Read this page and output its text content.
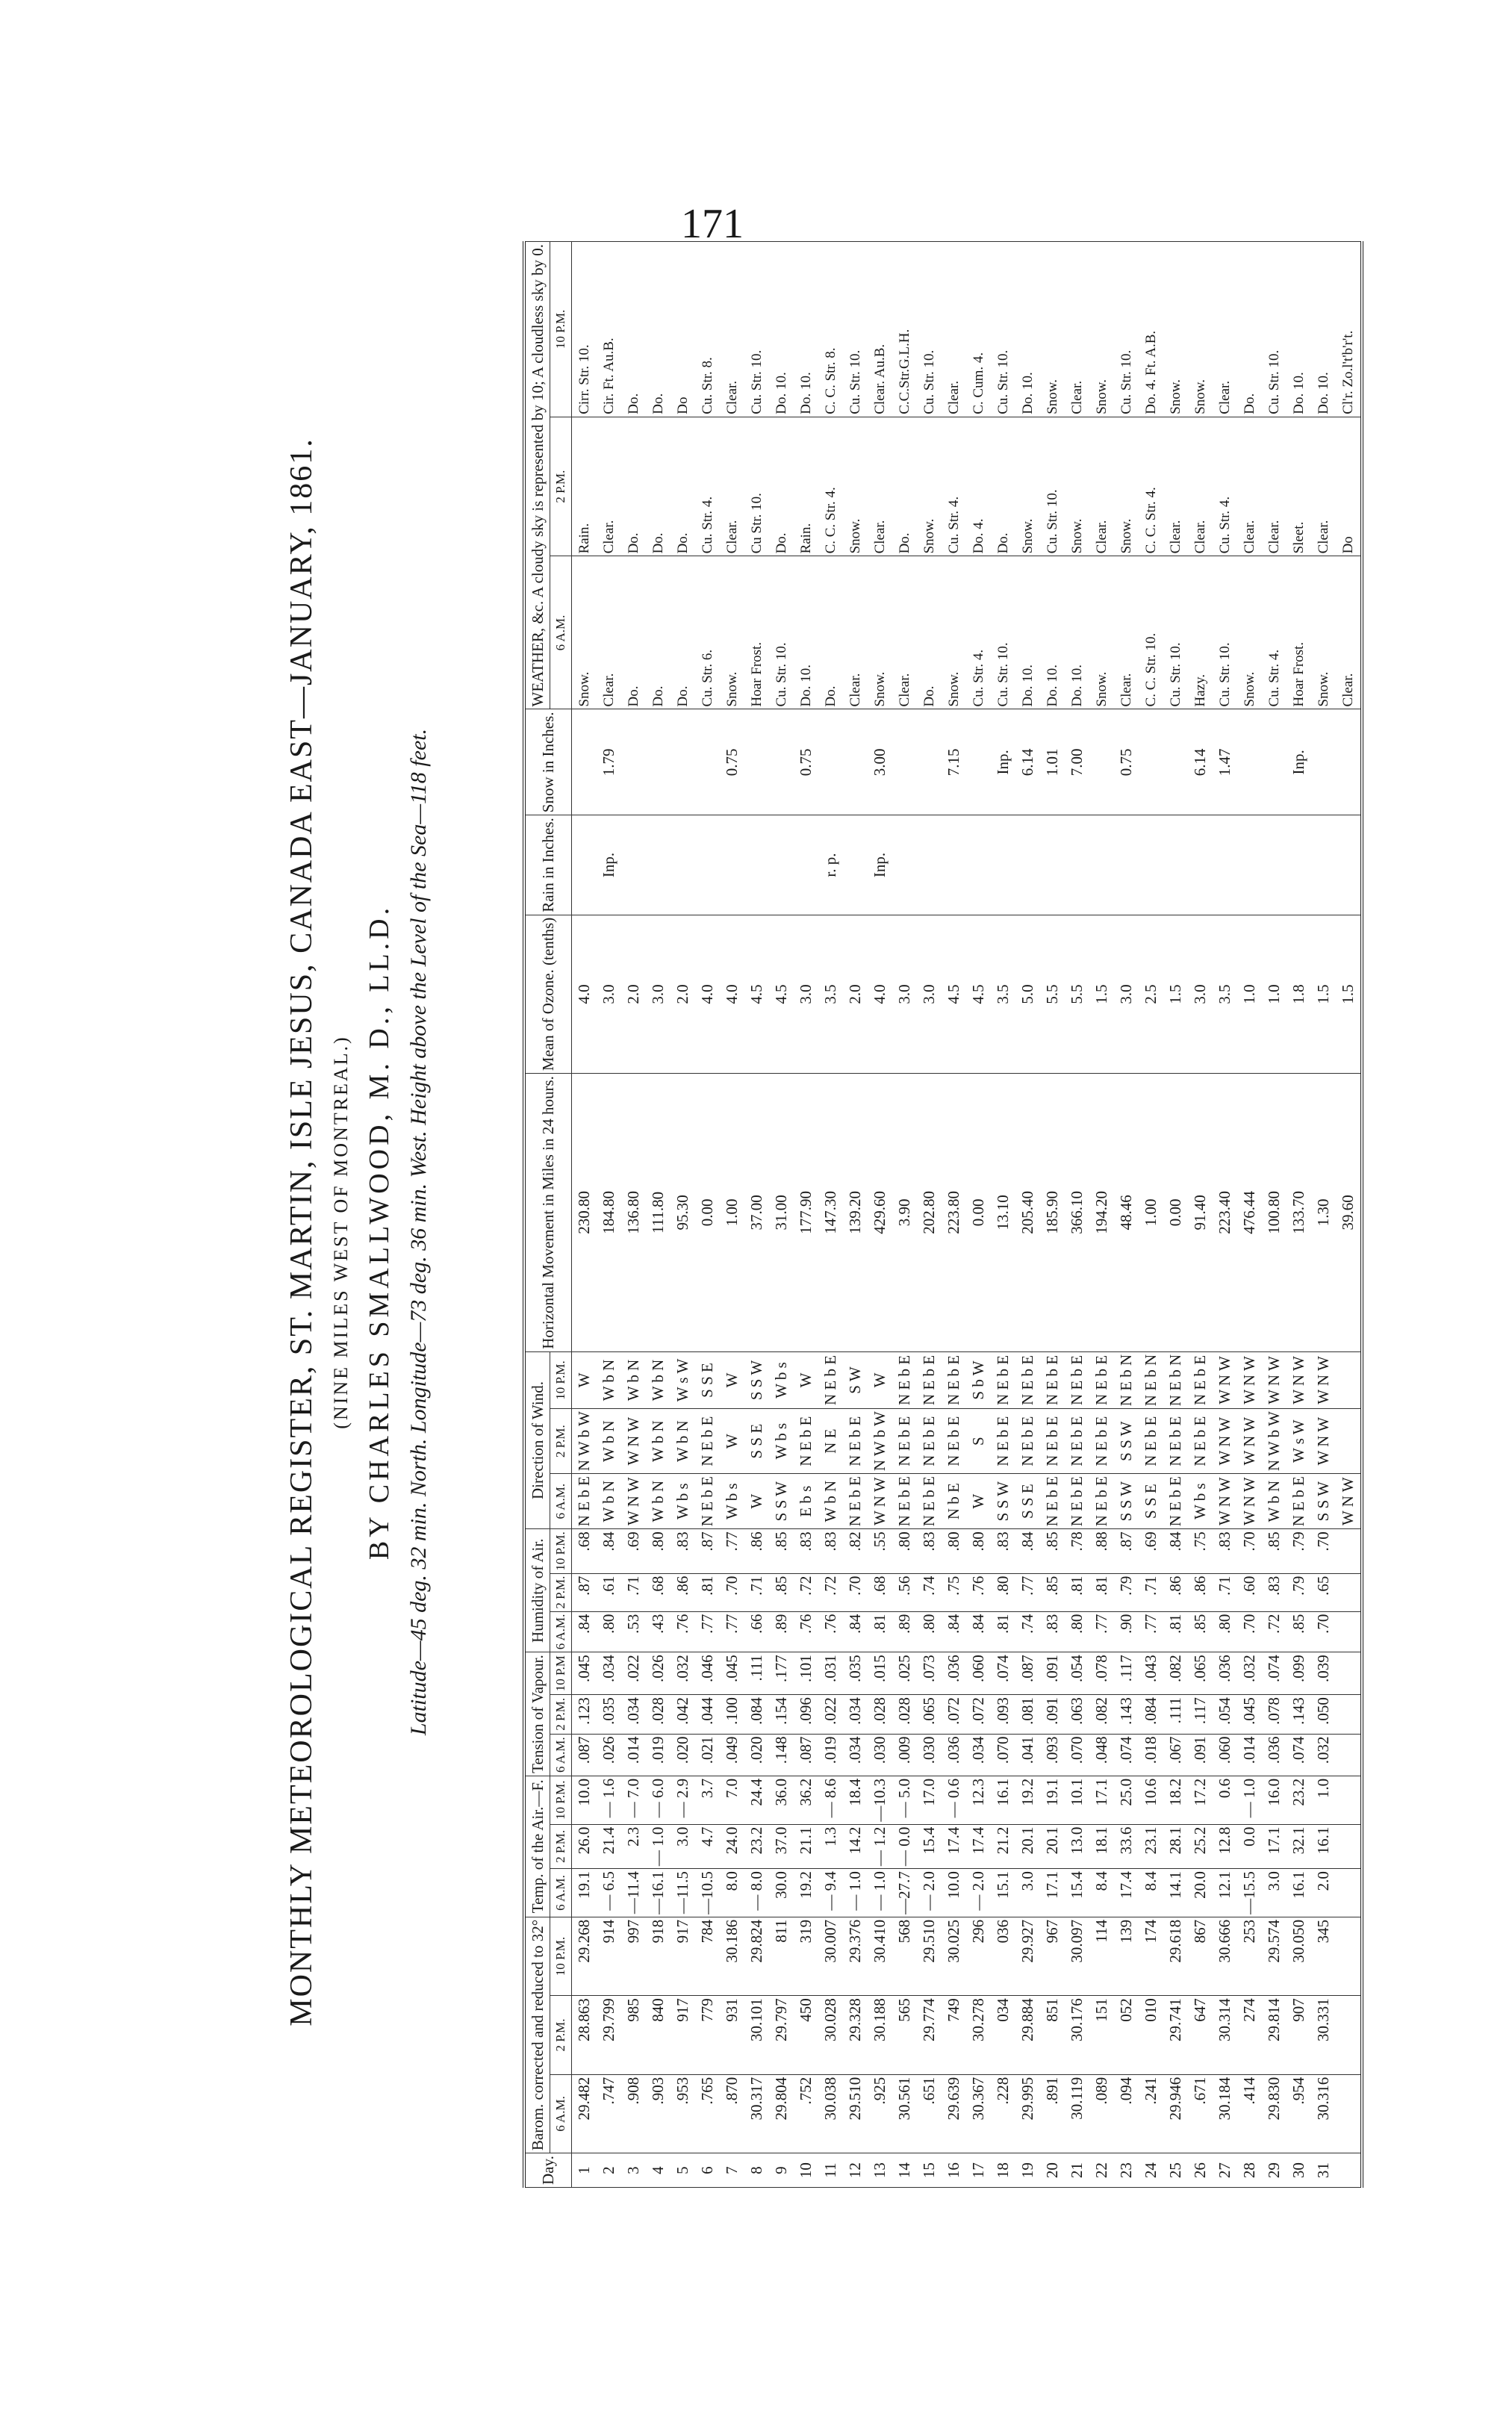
171
MONTHLY METEOROLOGICAL REGISTER, ST. MARTIN, ISLE JESUS, CANADA EAST—JANUARY, 1861. (NINE MILES WEST OF MONTREAL.) BY CHARLES SMALLWOOD, M. D., LL.D. Latitude—45 deg. 32 min. North. Longitude—73 deg. 36 min. West. Height above the Level of the Sea—118 feet.
Day.	Barom. corrected and reduced to 32°			Temp. of the Air.—F.			Tension of Vapour.			Humidity of Air.			Direction of Wind.			Horizontal Movement in Miles in 24 hours.	Mean of Ozone. (tenths)	Rain in Inches.	Snow in Inches.	WEATHER, &c. A cloudy sky is represented by 10; A cloudless sky by 0.		
	6 A.M.	2 P.M.	10 P.M.	6 A.M.	2 P.M.	10 P.M.	6 A.M.	2 P.M.	10 P.M	6 A.M.	2 P.M.	10 P.M.	6 A.M.	2 P.M.	10 P.M.					6 A.M.	2 P.M.	10 P.M.
1	29.482	28.863	29.268	19.1	26.0	10.0	.087	.123	.045	.84	.87	.68	N E b E	N W b W	W	230.80	4.0			Snow.	Rain.	Cirr. Str. 10.
2	.747	29.799	914	— 6.5	21.4	— 1.6	.026	.035	.034	.80	.61	.84	W b N	W b N	W b N	184.80	3.0	Inp.	1.79	Clear.	Clear.	Cir. Ft. Au.B.
3	.908	985	997	—11.4	2.3	— 7.0	.014	.034	.022	.53	.71	.69	W N W	W N W	W b N	136.80	2.0			Do.	Do.	Do.
4	.903	840	918	—16.1	— 1.0	— 6.0	.019	.028	.026	.43	.68	.80	W b N	W b N	W b N	111.80	3.0			Do.	Do.	Do.
5	.953	917	917	—11.5	3.0	— 2.9	.020	.042	.032	.76	.86	.83	W b s	W b N	W s W	95.30	2.0			Do.	Do.	Do
6	.765	779	784	—10.5	4.7	3.7	.021	.044	.046	.77	.81	.87	N E b E	N E b E	S S E	0.00	4.0			Cu. Str. 6.	Cu. Str. 4.	Cu. Str. 8.
7	.870	931	30.186	8.0	24.0	7.0	.049	.100	.045	.77	.70	.77	W b s	W	W	1.00	4.0		0.75	Snow.	Clear.	Clear.
8	30.317	30.101	29.824	— 8.0	23.2	24.4	.020	.084	.111	.66	.71	.86	W	S S E	S S W	37.00	4.5			Hoar Frost.	Cu Str. 10.	Cu. Str. 10.
9	29.804	29.797	811	30.0	37.0	36.0	.148	.154	.177	.89	.85	.85	S S W	W b s	W b s	31.00	4.5			Cu. Str. 10.	Do.	Do. 10.
10	.752	450	319	19.2	21.1	36.2	.087	.096	.101	.76	.72	.83	E b s	N E b E	W	177.90	3.0		0.75	Do. 10.	Rain.	Do. 10.
11	30.038	30.028	30.007	— 9.4	1.3	— 8.6	.019	.022	.031	.76	.72	.83	W b N	N E	N E b E	147.30	3.5	r. p.		Do.	C. C. Str. 4.	C. C. Str. 8.
12	29.510	29.328	29.376	— 1.0	14.2	18.4	.034	.034	.035	.84	.70	.82	N E b E	N E b E	S W	139.20	2.0			Clear.	Snow.	Cu. Str. 10.
13	.925	30.188	30.410	— 1.0	— 1.2	—10.3	.030	.028	.015	.81	.68	.55	W N W	N W b W	W	429.60	4.0	Inp.	3.00	Snow.	Clear.	Clear. Au.B.
14	30.561	565	568	—27.7	— 0.0	— 5.0	.009	.028	.025	.89	.56	.80	N E b E	N E b E	N E b E	3.90	3.0			Clear.	Do.	C.C.Str.G.L.H.
15	.651	29.774	29.510	— 2.0	15.4	17.0	.030	.065	.073	.80	.74	.83	N E b E	N E b E	N E b E	202.80	3.0			Do.	Snow.	Cu. Str. 10.
16	29.639	749	30.025	10.0	17.4	— 0.6	.036	.072	.036	.84	.75	.80	N b E	N E b E	N E b E	223.80	4.5		7.15	Snow.	Cu. Str. 4.	Clear.
17	30.367	30.278	296	— 2.0	17.4	12.3	.034	.072	.060	.84	.76	.80	W	S	S b W	0.00	4.5			Cu. Str. 4.	Do. 4.	C. Cum. 4.
18	.228	034	036	15.1	21.2	16.1	.070	.093	.074	.81	.80	.83	S S W	N E b E	N E b E	13.10	3.5		Inp.	Cu. Str. 10.	Do.	Cu. Str. 10.
19	29.995	29.884	29.927	3.0	20.1	19.2	.041	.081	.087	.74	.77	.84	S S E	N E b E	N E b E	205.40	5.0		6.14	Do. 10.	Snow.	Do. 10.
20	.891	851	967	17.1	20.1	19.1	.093	.091	.091	.83	.85	.85	N E b E	N E b E	N E b E	185.90	5.5		1.01	Do. 10.	Cu. Str. 10.	Snow.
21	30.119	30.176	30.097	15.4	13.0	10.1	.070	.063	.054	.80	.81	.78	N E b E	N E b E	N E b E	366.10	5.5		7.00	Do. 10.	Snow.	Clear.
22	.089	151	114	8.4	18.1	17.1	.048	.082	.078	.77	.81	.88	N E b E	N E b E	N E b E	194.20	1.5			Snow.	Clear.	Snow.
23	.094	052	139	17.4	33.6	25.0	.074	.143	.117	.90	.79	.87	S S W	S S W	N E b N	48.46	3.0		0.75	Clear.	Snow.	Cu. Str. 10.
24	.241	010	174	8.4	23.1	10.6	.018	.084	.043	.77	.71	.69	S S E	N E b E	N E b N	1.00	2.5			C. C. Str. 10.	C. C. Str. 4.	Do. 4. Ft. A.B.
25	29.946	29.741	29.618	14.1	28.1	18.2	.067	.111	.082	.81	.86	.84	N E b E	N E b E	N E b N	0.00	1.5			Cu. Str. 10.	Clear.	Snow.
26	.671	647	867	20.0	25.2	17.2	.091	.117	.065	.85	.86	.75	W b s	N E b E	N E b E	91.40	3.0		6.14	Hazy.	Clear.	Snow.
27	30.184	30.314	30.666	12.1	12.8	0.6	.060	.054	.036	.80	.71	.83	W N W	W N W	W N W	223.40	3.5		1.47	Cu. Str. 10.	Cu. Str. 4.	Clear.
28	.414	274	253	—15.5	0.0	— 1.0	.014	.045	.032	.70	.60	.70	W N W	W N W	W N W	476.44	1.0			Snow.	Clear.	Do.
29	29.830	29.814	29.574	3.0	17.1	16.0	.036	.078	.074	.72	.83	.85	W b N	N W b W	W N W	100.80	1.0			Cu. Str. 4.	Clear.	Cu. Str. 10.
30	.954	907	30.050	16.1	32.1	23.2	.074	.143	.099	.85	.79	.79	N E b E	W s W	W N W	133.70	1.8		Inp.	Hoar Frost.	Sleet.	Do. 10.
31	30.316	30.331	345	2.0	16.1	1.0	.032	.050	.039	.70	.65	.70	S S W	W N W	W N W	1.30	1.5			Snow.	Clear.	Do. 10.
													W N W			39.60	1.5			Clear.	Do	Cl'r. Zo.l't'b'r't.
